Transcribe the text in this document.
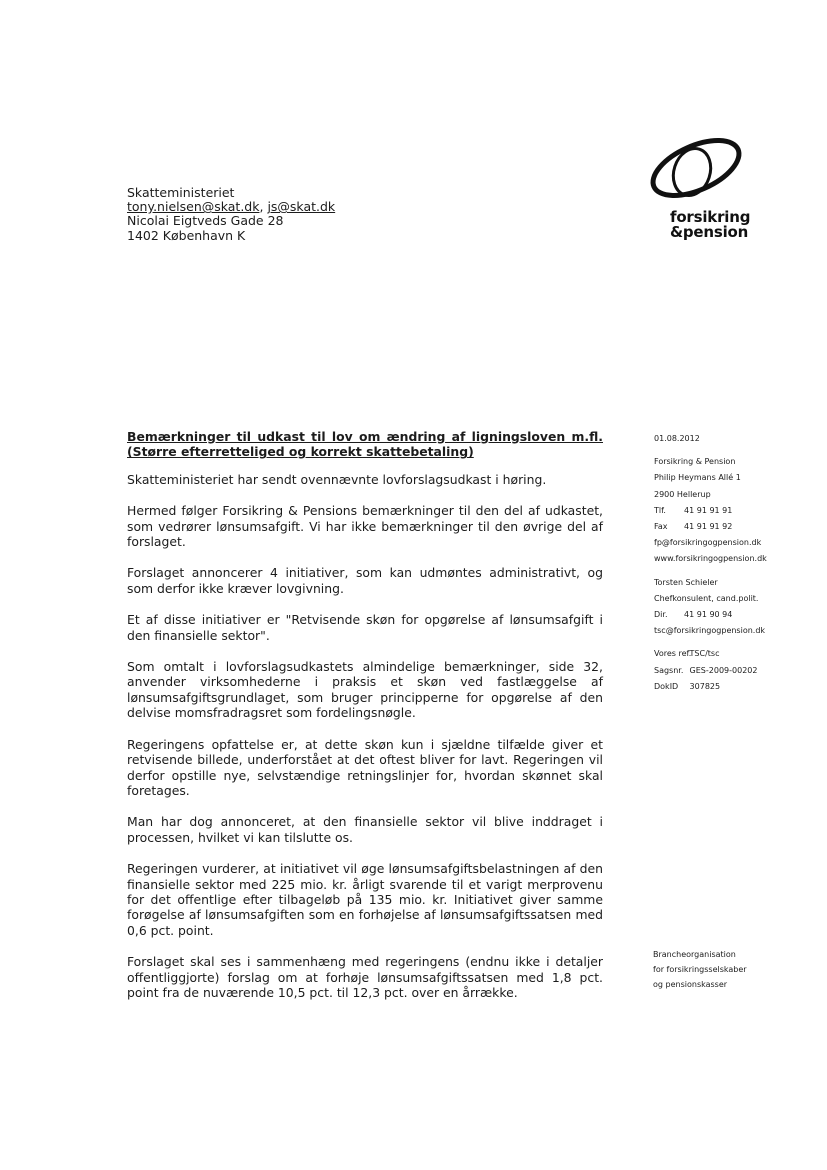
Skatteministeriet
tony.nielsen@skat.dk, js@skat.dk
Nicolai Eigtveds Gade 28
1402 København K
forsikring
&pension
Bemærkninger til udkast til lov om ændring af ligningsloven m.fl. (Større efterretteliged og korrekt skattebetaling)

Skatteministeriet har sendt ovennævnte lovforslagsudkast i høring.

Hermed følger Forsikring & Pensions bemærkninger til den del af udkastet, som vedrører lønsumsafgift. Vi har ikke bemærkninger til den øvrige del af forslaget.

Forslaget annoncerer 4 initiativer, som kan udmøntes administrativt, og som derfor ikke kræver lovgivning.

Et af disse initiativer er "Retvisende skøn for opgørelse af lønsumsafgift i den finansielle sektor".

Som omtalt i lovforslagsudkastets almindelige bemærkninger, side 32, anvender virksomhederne i praksis et skøn ved fastlæggelse af lønsumsafgiftsgrundlaget, som bruger principperne for opgørelse af den delvise momsfradragsret som fordelingsnøgle.

Regeringens opfattelse er, at dette skøn kun i sjældne tilfælde giver et retvisende billede, underforstået at det oftest bliver for lavt. Regeringen vil derfor opstille nye, selvstændige retningslinjer for, hvordan skønnet skal foretages.

Man har dog annonceret, at den finansielle sektor vil blive inddraget i processen, hvilket vi kan tilslutte os.

Regeringen vurderer, at initiativet vil øge lønsumsafgiftsbelastningen af den finansielle sektor med 225 mio. kr. årligt svarende til et varigt merprovenu for det offentlige efter tilbageløb på 135 mio. kr. Initiativet giver samme forøgelse af lønsumsafgiften som en forhøjelse af lønsumsafgiftssatsen med 0,6 pct. point.

Forslaget skal ses i sammenhæng med regeringens (endnu ikke i detaljer offentliggjorte) forslag om at forhøje lønsumsafgiftssatsen med 1,8 pct. point fra de nuværende 10,5 pct. til 12,3 pct. over en årrække.

01.08.2012
Forsikring & Pension
Philip Heymans Allé 1
2900 Hellerup
Tlf. 41 91 91 91
Fax 41 91 91 92
fp@forsikringogpension.dk
www.forsikringogpension.dk
Torsten Schieler
Chefkonsulent, cand.polit.
Dir. 41 91 90 94
tsc@forsikringogpension.dk
Vores ref. TSC/tsc
Sagsnr. GES-2009-00202
DokID 307825
Brancheorganisation
for forsikringsselskaber
og pensionskasser
